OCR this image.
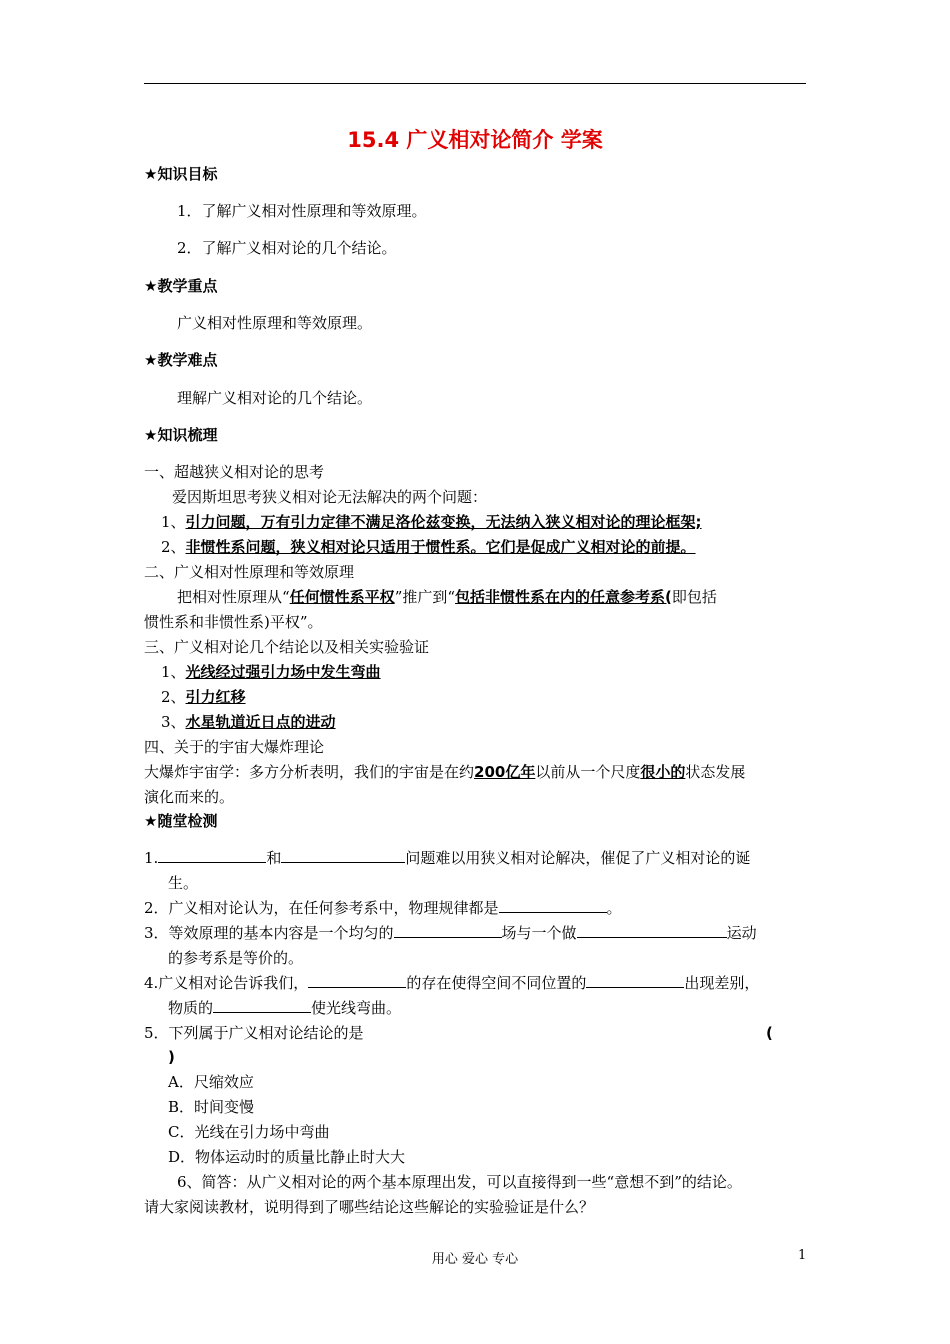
15.4 广义相对论简介 学案
★知识目标
1．了解广义相对性原理和等效原理。
2．了解广义相对论的几个结论。
★教学重点
广义相对性原理和等效原理。
★教学难点
理解广义相对论的几个结论。
★知识梳理
一、超越狭义相对论的思考
爱因斯坦思考狭义相对论无法解决的两个问题：
1、引力问题，万有引力定律不满足洛伦兹变换，无法纳入狭义相对论的理论框架;
2、非惯性系问题，狭义相对论只适用于惯性系。它们是促成广义相对论的前提。
二、广义相对性原理和等效原理
把相对性原理从“任何惯性系平权”推广到“包括非惯性系在内的任意参考系(即包括
惯性系和非惯性系)平权”。
三、广义相对论几个结论以及相关实验验证
1、光线经过强引力场中发生弯曲
2、引力红移
3、水星轨道近日点的进动
四、关于的宇宙大爆炸理论
大爆炸宇宙学：多方分析表明，我们的宇宙是在约200亿年以前从一个尺度很小的状态发展
演化而来的。
★随堂检测
1.	和	问题难以用狭义相对论解决，催促了广义相对论的诞
生。
2．广义相对论认为，在任何参考系中，物理规律都是	。
3．等效原理的基本内容是一个均匀的	场与一个做	运动
的参考系是等价的。
4.广义相对论告诉我们，	的存在使得空间不同位置的	出现差别，
物质的	使光线弯曲。
5．下列属于广义相对论结论的是	(
)
A．尺缩效应
B．时间变慢
C．光线在引力场中弯曲
D．物体运动时的质量比静止时大大
6、简答：从广义相对论的两个基本原理出发，可以直接得到一些“意想不到”的结论。
请大家阅读教材，说明得到了哪些结论这些解论的实验验证是什么？
用心 爱心 专心	1
